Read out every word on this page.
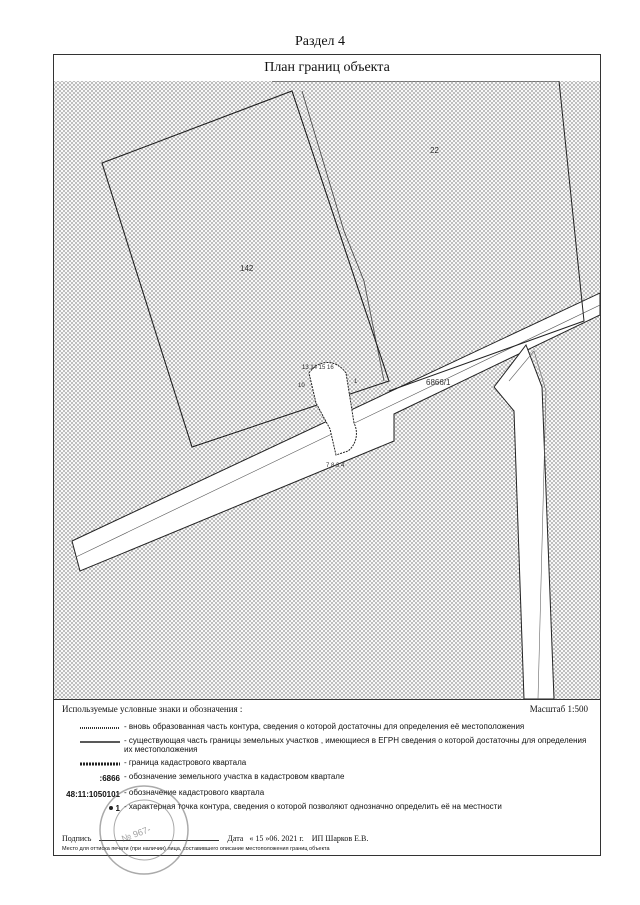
Раздел 4
План границ объекта
22
142
6866/1
13 14 15 16
10
1
7 8 3 4
Используемые условные знаки и обозначения :	Масштаб 1:500
- вновь образованная часть контура, сведения о которой достаточны для определения её местоположения
- существующая часть границы земельных участков , имеющиеся в ЕГРН сведения о которой достаточны для определения их местоположения
- граница кадастрового квартала
:6866 - обозначение земельного участка в кадастровом квартале
48:11:1050101 - обозначение кадастрового квартала
1 - характерная точка контура, сведения о которой позволяют однозначно определить её на местности
Подпись	Дата « 15 »06. 2021 г. ИП Шарков Е.В.
Место для оттиска печати (при наличии) лица, составившего описание местоположения границ объекта
№ 967-
